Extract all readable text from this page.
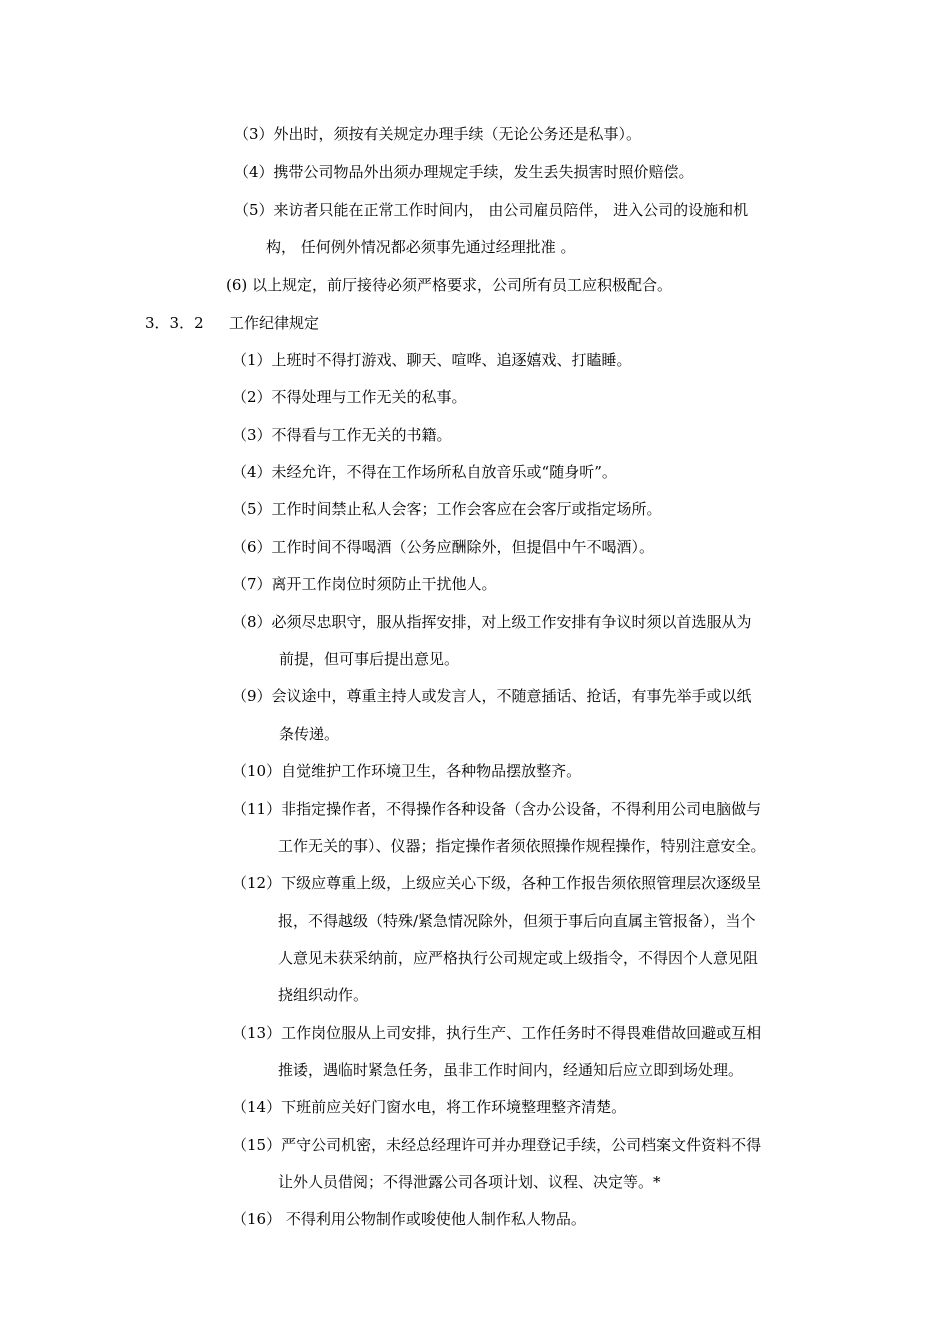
（3）外出时，须按有关规定办理手续（无论公务还是私事）。
（4）携带公司物品外出须办理规定手续，发生丢失损害时照价赔偿。
（5）来访者只能在正常工作时间内， 由公司雇员陪伴， 进入公司的设施和机
构， 任何例外情况都必须事先通过经理批准 。
(6) 以上规定，前厅接待必须严格要求，公司所有员工应积极配合。
3．3．2 工作纪律规定
（1）上班时不得打游戏、聊天、喧哗、追逐嬉戏、打瞌睡。
（2）不得处理与工作无关的私事。
（3）不得看与工作无关的书籍。
（4）未经允许，不得在工作场所私自放音乐或“随身听”。
（5）工作时间禁止私人会客；工作会客应在会客厅或指定场所。
（6）工作时间不得喝酒（公务应酬除外，但提倡中午不喝酒）。
（7）离开工作岗位时须防止干扰他人。
（8）必须尽忠职守，服从指挥安排，对上级工作安排有争议时须以首选服从为
前提，但可事后提出意见。
（9）会议途中，尊重主持人或发言人，不随意插话、抢话，有事先举手或以纸
条传递。
（10）自觉维护工作环境卫生，各种物品摆放整齐。
（11）非指定操作者，不得操作各种设备（含办公设备，不得利用公司电脑做与
工作无关的事）、仪器；指定操作者须依照操作规程操作，特别注意安全。
（12）下级应尊重上级，上级应关心下级，各种工作报告须依照管理层次逐级呈
报，不得越级（特殊/紧急情况除外，但须于事后向直属主管报备），当个
人意见未获采纳前，应严格执行公司规定或上级指令，不得因个人意见阻
挠组织动作。
（13）工作岗位服从上司安排，执行生产、工作任务时不得畏难借故回避或互相
推诿，遇临时紧急任务，虽非工作时间内，经通知后应立即到场处理。
（14）下班前应关好门窗水电，将工作环境整理整齐清楚。
（15）严守公司机密，未经总经理许可并办理登记手续，公司档案文件资料不得
让外人员借阅；不得泄露公司各项计划、议程、决定等。*
（16） 不得利用公物制作或唆使他人制作私人物品。
